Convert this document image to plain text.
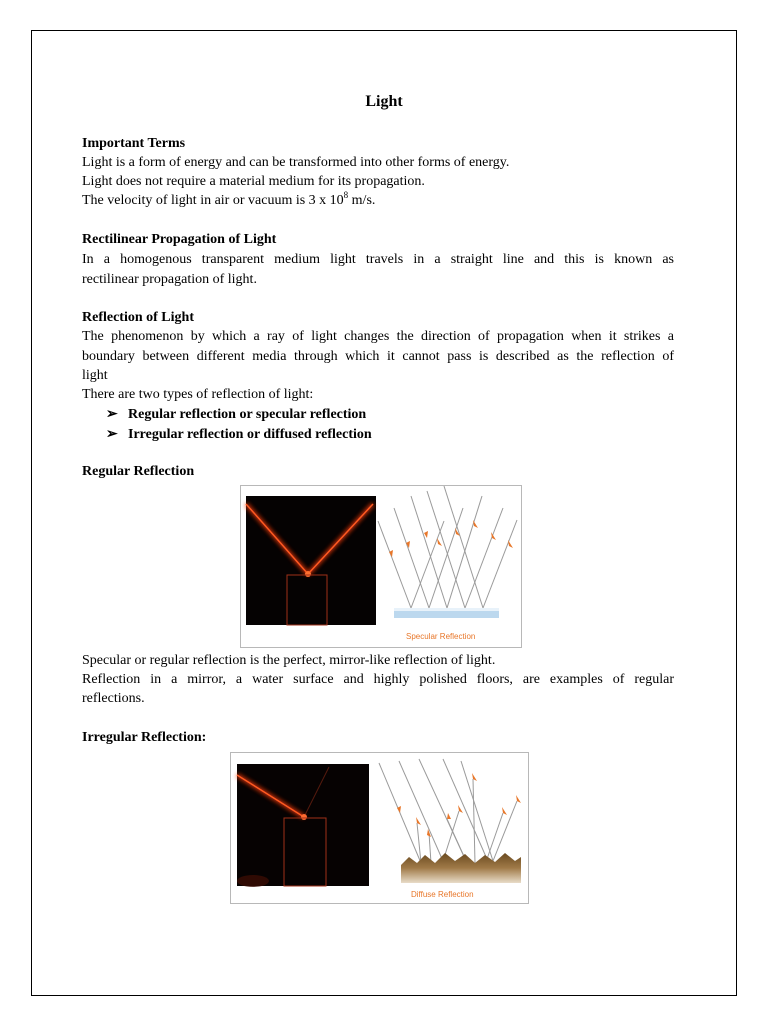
Light
Important Terms
Light is a form of energy and can be transformed into other forms of energy.
Light does not require a material medium for its propagation.
The velocity of light in air or vacuum is 3 x $10^8$ m/s.
Rectilinear Propagation of Light
In a homogenous transparent medium light travels in a straight line and this is known as
rectilinear propagation of light.
Reflection of Light
The phenomenon by which a ray of light changes the direction of propagation when it strikes a
boundary between different media through which it cannot pass is described as the reflection of
light
There are two types of reflection of light:
➢ Regular reflection or specular reflection
➢ Irregular reflection or diffused reflection
Regular Reflection
Specular Reflection
Specular or regular reflection is the perfect, mirror-like reflection of light.
Reflection in a mirror, a water surface and highly polished floors, are examples of regular
reflections.
Irregular Reflection:
Diffuse Reflection
